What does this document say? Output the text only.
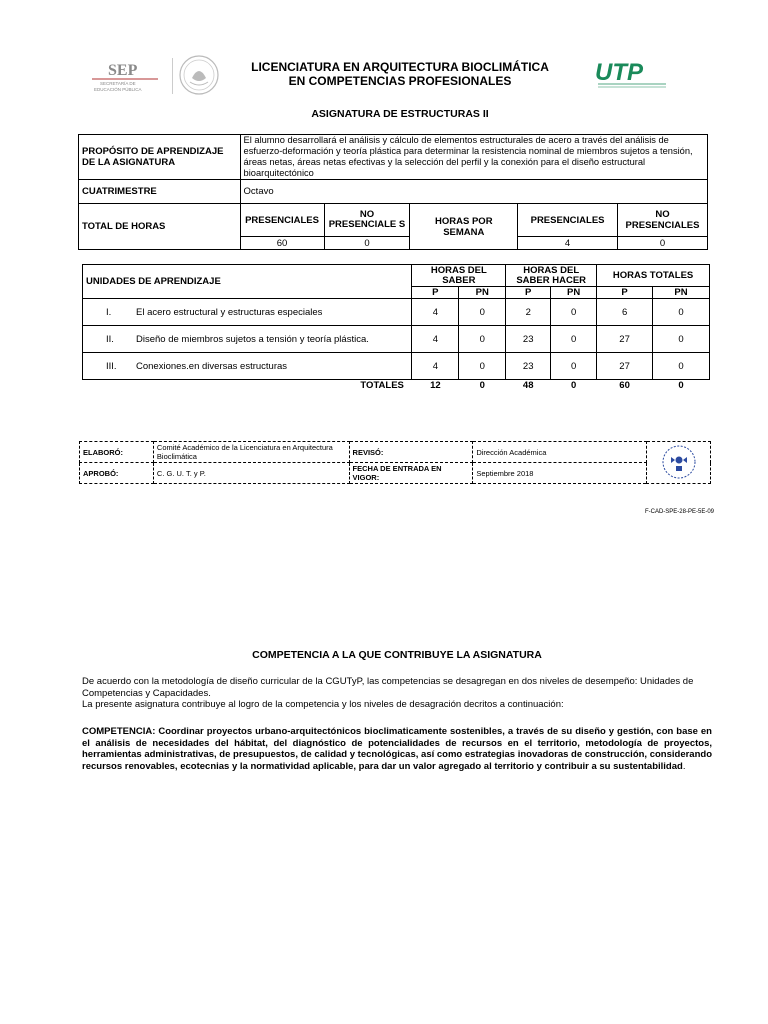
SEP
SECRETARÍA DE
EDUCACIÓN PÚBLICA
UTP
LICENCIATURA EN ARQUITECTURA BIOCLIMÁTICA
EN COMPETENCIAS PROFESIONALES
ASIGNATURA DE ESTRUCTURAS II
PROPÓSITO DE APRENDIZAJE DE LA ASIGNATURA	El alumno desarrollará el análisis y cálculo de elementos estructurales de acero a través del análisis de esfuerzo-deformación y teoría plástica para determinar la resistencia nominal de miembros sujetos a tensión, áreas netas, áreas netas efectivas y la selección del perfil y la conexión para el diseño estructural bioarquitectónico				
CUATRIMESTRE	Octavo				
TOTAL DE HORAS	PRESENCIALES	NO PRESENCIALE S	HORAS POR SEMANA	PRESENCIALES	NO PRESENCIALES
	60	0		4	0
UNIDADES DE APRENDIZAJE	HORAS DEL SABER		HORAS DEL SABER HACER		HORAS TOTALES	
	P	PN	P	PN	P	PN
I. El acero estructural y estructuras especiales	4	0	2	0	6	0
II. Diseño de miembros sujetos a tensión y teoría plástica.	4	0	23	0	27	0
III. Conexiones.en diversas estructuras	4	0	23	0	27	0
TOTALES	12	0	48	0	60	0
ELABORÓ:	Comité Académico de la Licenciatura en Arquitectura Bioclimática	REVISÓ:	Dirección Académica	
APROBÓ:	C. G. U. T. y P.	FECHA DE ENTRADA EN VIGOR:	Septiembre 2018	
F-CAD-SPE-28-PE-5E-09
COMPETENCIA A LA QUE CONTRIBUYE LA ASIGNATURA
De acuerdo con la metodología de diseño curricular de la CGUTyP, las competencias se desagregan en dos niveles de desempeño: Unidades de Competencias y Capacidades.
La presente asignatura contribuye al logro de la competencia y los niveles de desagración decritos a continuación:
COMPETENCIA: Coordinar proyectos urbano-arquitectónicos bioclimaticamente sostenibles, a través de su diseño y gestión, con base en el análisis de necesidades del hábitat, del diagnóstico de potencialidades de recursos en el territorio, metodología de proyectos, herramientas administrativas, de presupuestos, de calidad y tecnológicas, así como estrategias inovadoras de construcción, considerando recursos renovables, ecotecnias y la normatividad aplicable, para dar un valor agregado al territorio y contribuir a su sustentabilidad.
